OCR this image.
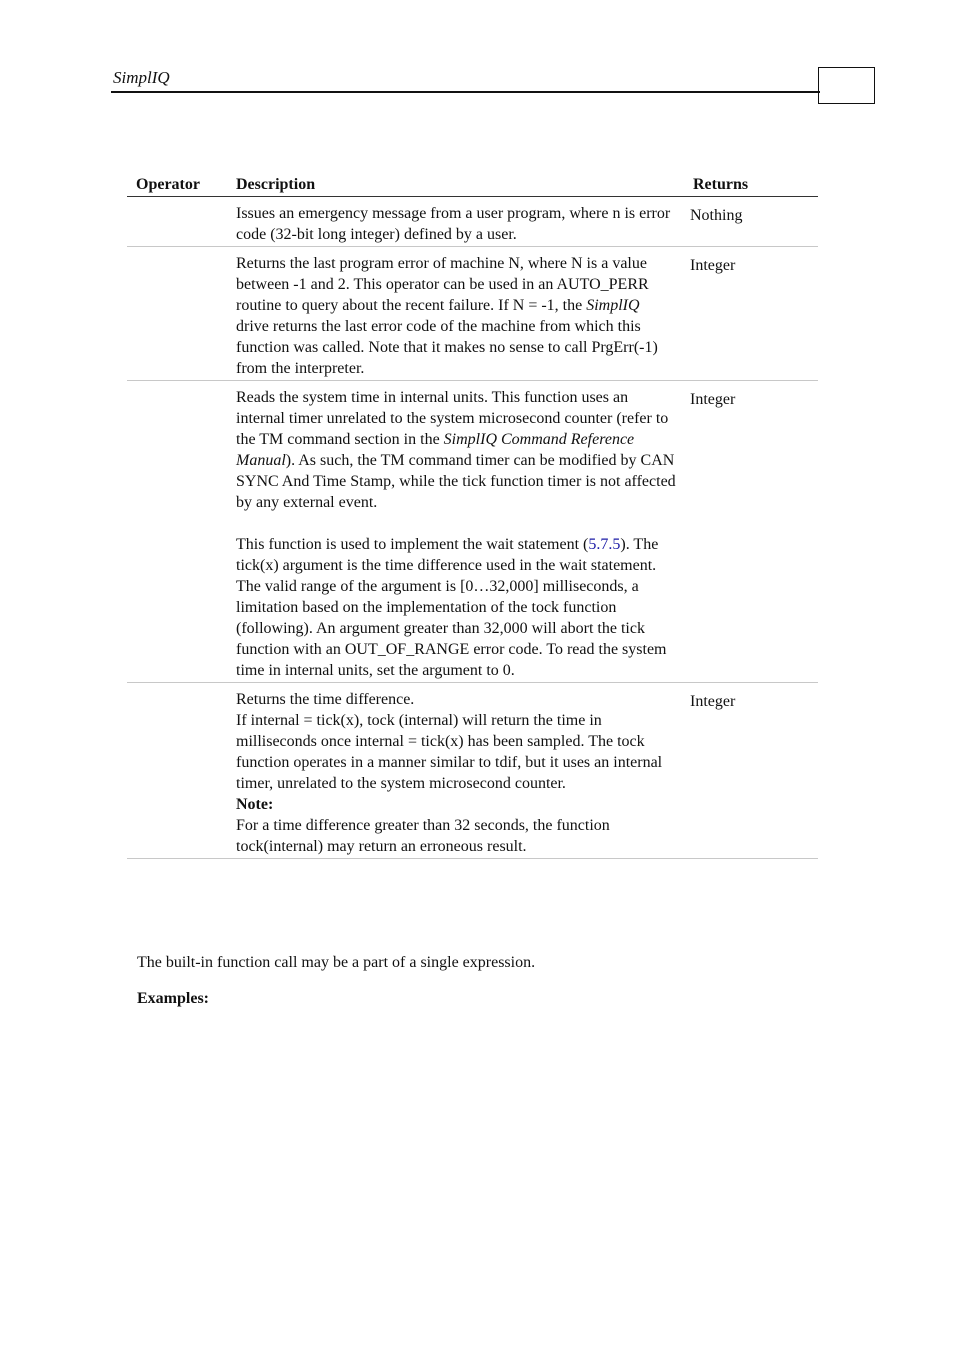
SimplIQ
Operator Description	Returns

Issues an emergency message from a user program, where n is error code (32-bit long integer) defined by a user.

Nothing

Returns the last program error of machine N, where N is a value between -1 and 2. This operator can be used in an AUTO_PERR routine to query about the recent failure. If N = -1, the SimplIQ drive returns the last error code of the machine from which this function was called. Note that it makes no sense to call PrgErr(-1) from the interpreter.

Integer

Reads the system time in internal units. This function uses an internal timer unrelated to the system microsecond counter (refer to the TM command section in the SimplIQ Command Reference Manual). As such, the TM command timer can be modified by CAN SYNC And Time Stamp, while the tick function timer is not affected by any external event.

This function is used to implement the wait statement (5.7.5). The tick(x) argument is the time difference used in the wait statement. The valid range of the argument is [0…32,000] milliseconds, a limitation based on the implementation of the tock function (following). An argument greater than 32,000 will abort the tick function with an OUT_OF_RANGE error code. To read the system time in internal units, set the argument to 0.

Integer
Returns the time difference.
If internal = tick(x), tock (internal) will return the time in milliseconds once internal = tick(x) has been sampled. The tock function operates in a manner similar to tdif, but it uses an internal timer, unrelated to the system microsecond counter.
Note:
For a time difference greater than 32 seconds, the function tock(internal) may return an erroneous result.
Integer
The built-in function call may be a part of a single expression.
Examples:
